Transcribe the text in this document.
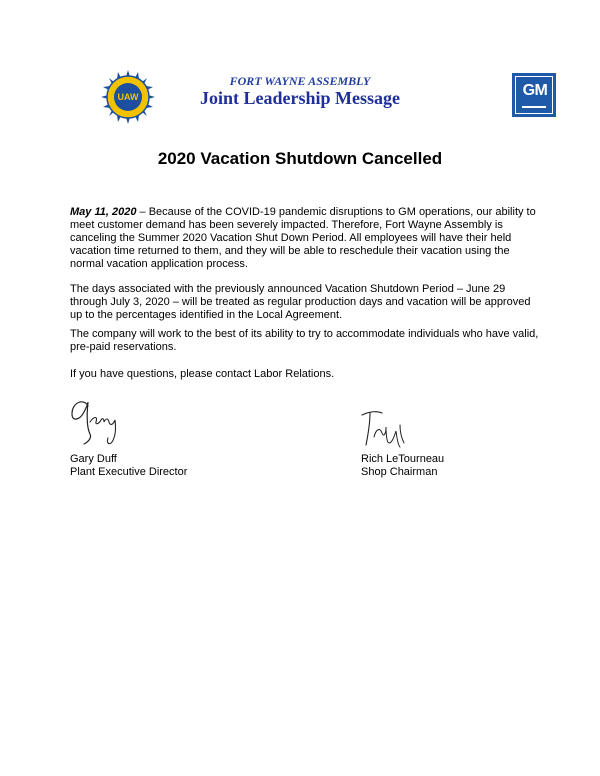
UAW
FORT WAYNE ASSEMBLY
Joint Leadership Message	GM
2020 Vacation Shutdown Cancelled

May 11, 2020 – Because of the COVID-19 pandemic disruptions to GM operations, our ability to meet customer demand has been severely impacted. Therefore, Fort Wayne Assembly is canceling the Summer 2020 Vacation Shut Down Period. All employees will have their held vacation time returned to them, and they will be able to reschedule their vacation using the normal vacation application process.

The days associated with the previously announced Vacation Shutdown Period – June 29 through July 3, 2020 – will be treated as regular production days and vacation will be approved up to the percentages identified in the Local Agreement.

The company will work to the best of its ability to try to accommodate individuals who have valid, pre-paid reservations.

If you have questions, please contact Labor Relations.

Gary Duff
Plant Executive Director
Rich LeTourneau
Shop Chairman
